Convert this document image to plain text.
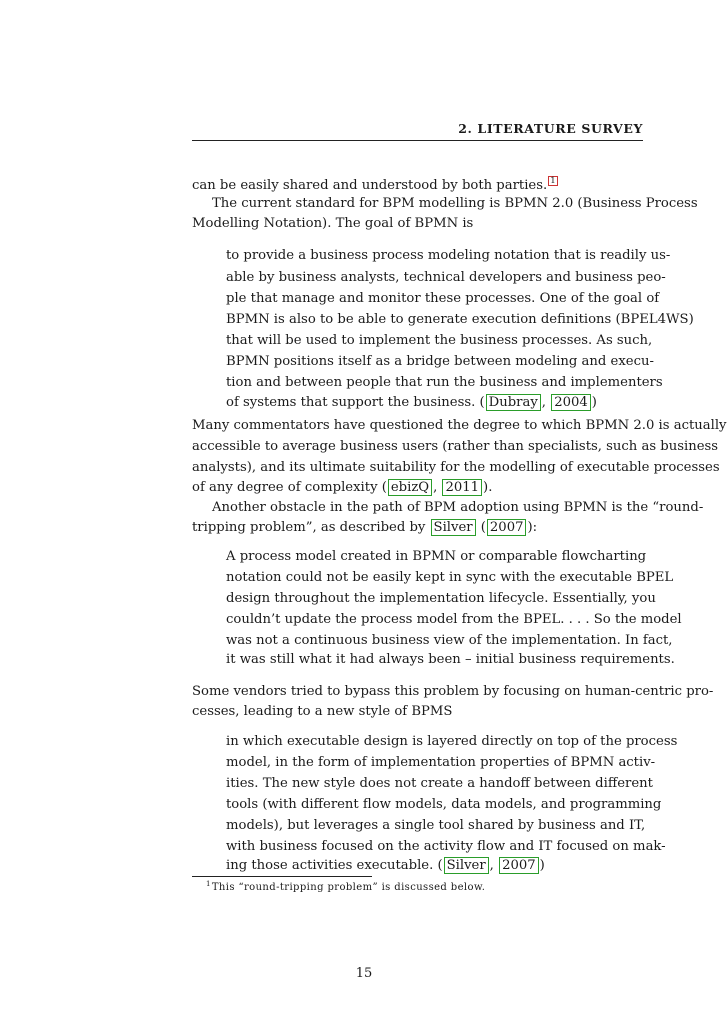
2. LITERATURE SURVEY
can be easily shared and understood by both parties. 1
The current standard for BPM modelling is BPMN 2.0 (Business Process
Modelling Notation). The goal of BPMN is
to provide a business process modeling notation that is readily us-
able by business analysts, technical developers and business peo-
ple that manage and monitor these processes. One of the goal of
BPMN is also to be able to generate execution definitions (BPEL4WS)
that will be used to implement the business processes. As such,
BPMN positions itself as a bridge between modeling and execu-
tion and between people that run the business and implementers
of systems that support the business. ( Dubray , 2004 )
Many commentators have questioned the degree to which BPMN 2.0 is actually
accessible to average business users (rather than specialists, such as business
analysts), and its ultimate suitability for the modelling of executable processes
of any degree of complexity ( ebizQ , 2011 ).
Another obstacle in the path of BPM adoption using BPMN is the “round-
tripping problem”, as described by Silver ( 2007 ):
A process model created in BPMN or comparable flowcharting
notation could not be easily kept in sync with the executable BPEL
design throughout the implementation lifecycle. Essentially, you
couldn’t update the process model from the BPEL. . . . So the model
was not a continuous business view of the implementation. In fact,
it was still what it had always been – initial business requirements.
Some vendors tried to bypass this problem by focusing on human-centric pro-
cesses, leading to a new style of BPMS
in which executable design is layered directly on top of the process
model, in the form of implementation properties of BPMN activ-
ities. The new style does not create a handoff between different
tools (with different flow models, data models, and programming
models), but leverages a single tool shared by business and IT,
with business focused on the activity flow and IT focused on mak-
ing those activities executable. ( Silver , 2007 )
$^1$This “round-tripping problem” is discussed below.
15
